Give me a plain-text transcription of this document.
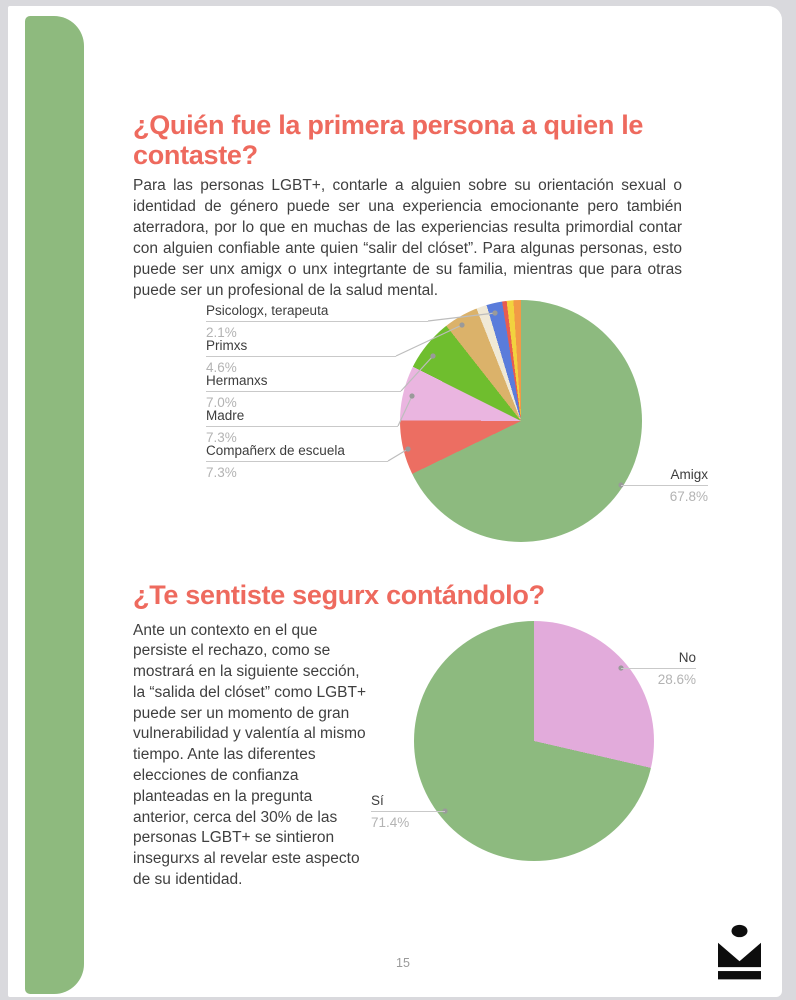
¿Quién fue la primera persona a quien le contaste?

Para las personas LGBT+, contarle a alguien sobre su orientación sexual o identidad de género puede ser una experiencia emocionante pero también aterradora, por lo que en muchas de las experiencias resulta primordial contar con alguien confiable ante quien “salir del clóset”. Para algunas personas, esto puede ser unx amigx o unx integrtante de su familia, mientras que para otras puede ser un profesional de la salud mental.

Psicologx, terapeuta
2.1%
Primxs
4.6%
Hermanxs
7.0%
Madre
7.3%
Compañerx de escuela
7.3%	Amigx
67.8%
¿Te sentiste segurx contándolo?

Ante un contexto en el que persiste el rechazo, como se mostrará en la siguiente sección, la “salida del clóset” como LGBT+ puede ser un momento de gran vulnerabilidad y valentía al mismo tiempo. Ante las diferentes elecciones de confianza planteadas en la pregunta anterior, cerca del 30% de las personas LGBT+ se sintieron insegurxs al revelar este aspecto de su identidad.

No
28.6%
Sí
71.4%
15
